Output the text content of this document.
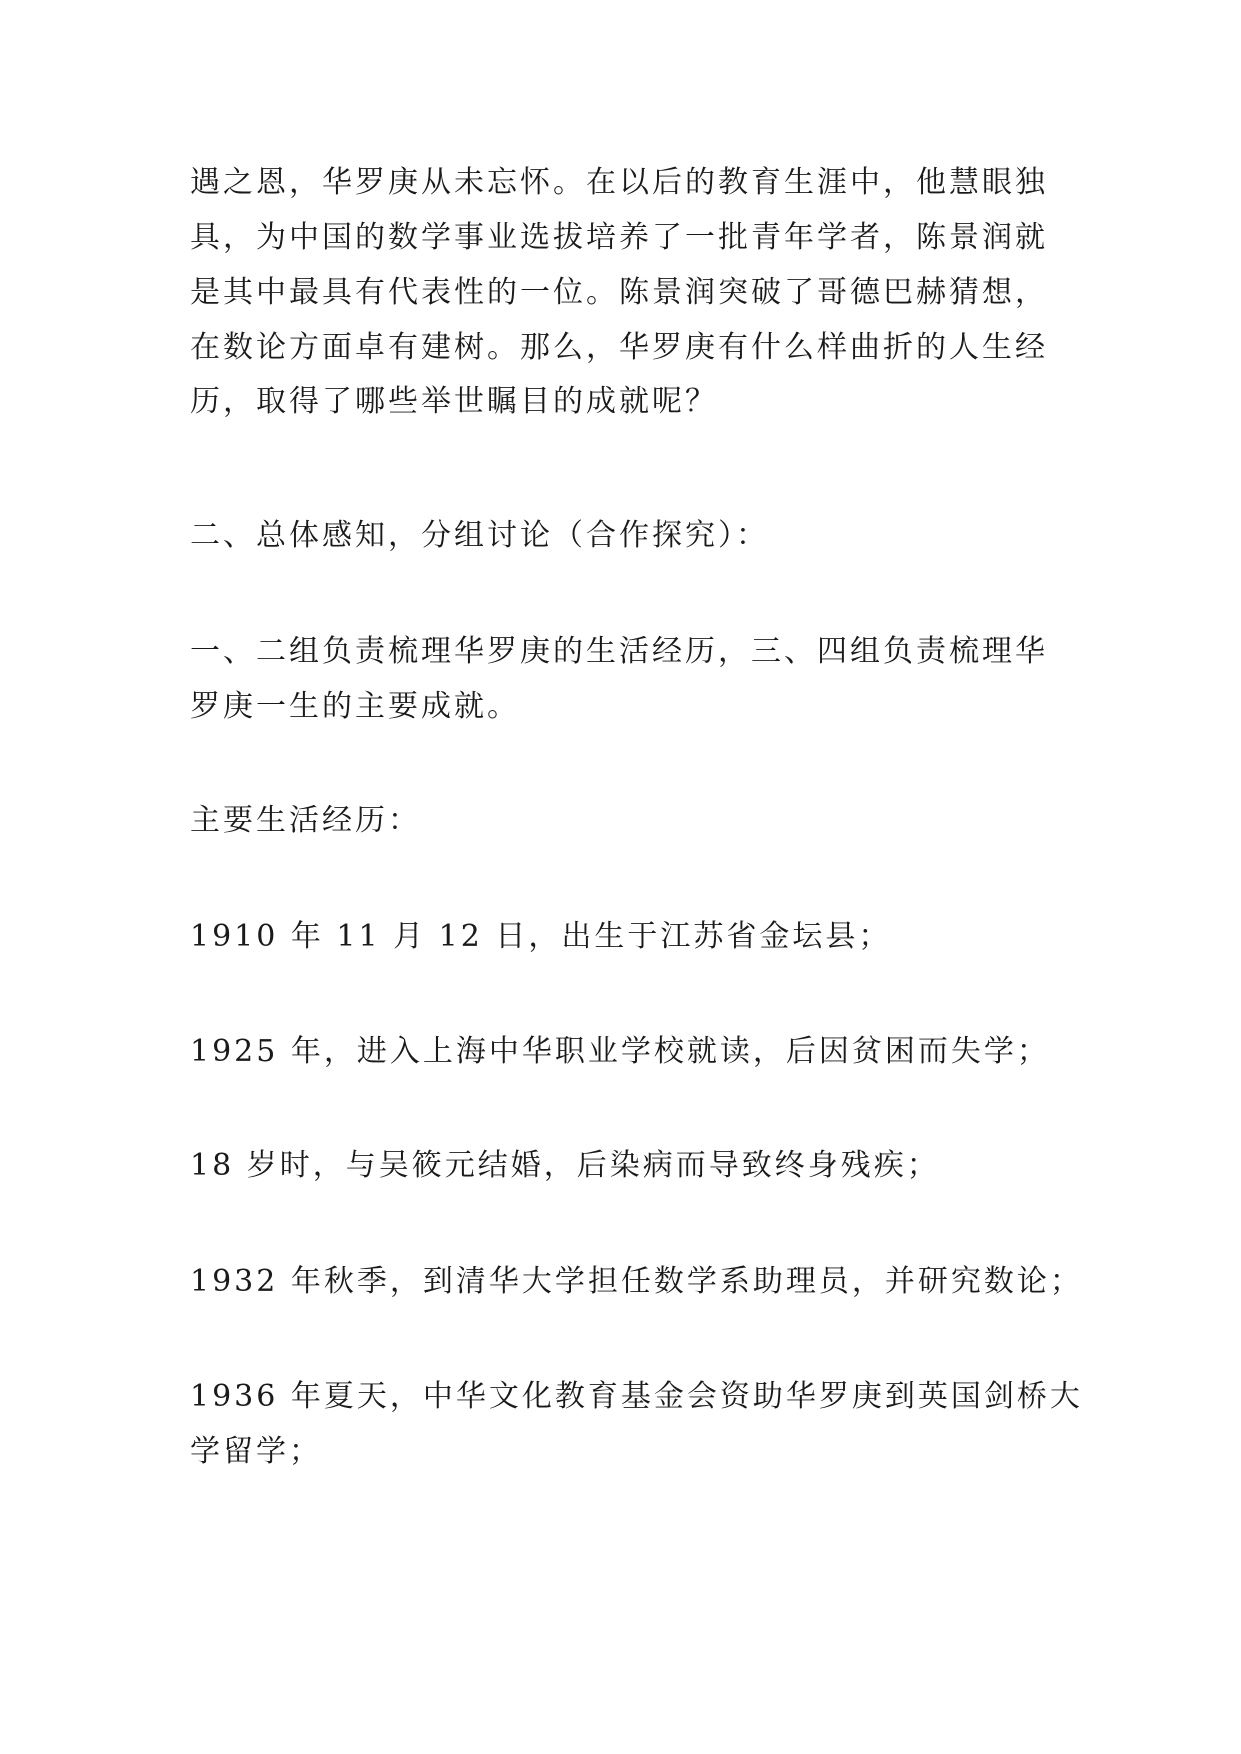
遇之恩，华罗庚从未忘怀。在以后的教育生涯中，他慧眼独

具，为中国的数学事业选拔培养了一批青年学者，陈景润就

是其中最具有代表性的一位。陈景润突破了哥德巴赫猜想，

在数论方面卓有建树。那么，华罗庚有什么样曲折的人生经

历，取得了哪些举世瞩目的成就呢？

二、总体感知，分组讨论（合作探究）：

一、二组负责梳理华罗庚的生活经历，三、四组负责梳理华

罗庚一生的主要成就。

主要生活经历：

1910 年 11 月 12 日，出生于江苏省金坛县；

1925 年，进入上海中华职业学校就读，后因贫困而失学；

18 岁时，与吴筱元结婚，后染病而导致终身残疾；

1932 年秋季，到清华大学担任数学系助理员，并研究数论；

1936 年夏天，中华文化教育基金会资助华罗庚到英国剑桥大

学留学；
